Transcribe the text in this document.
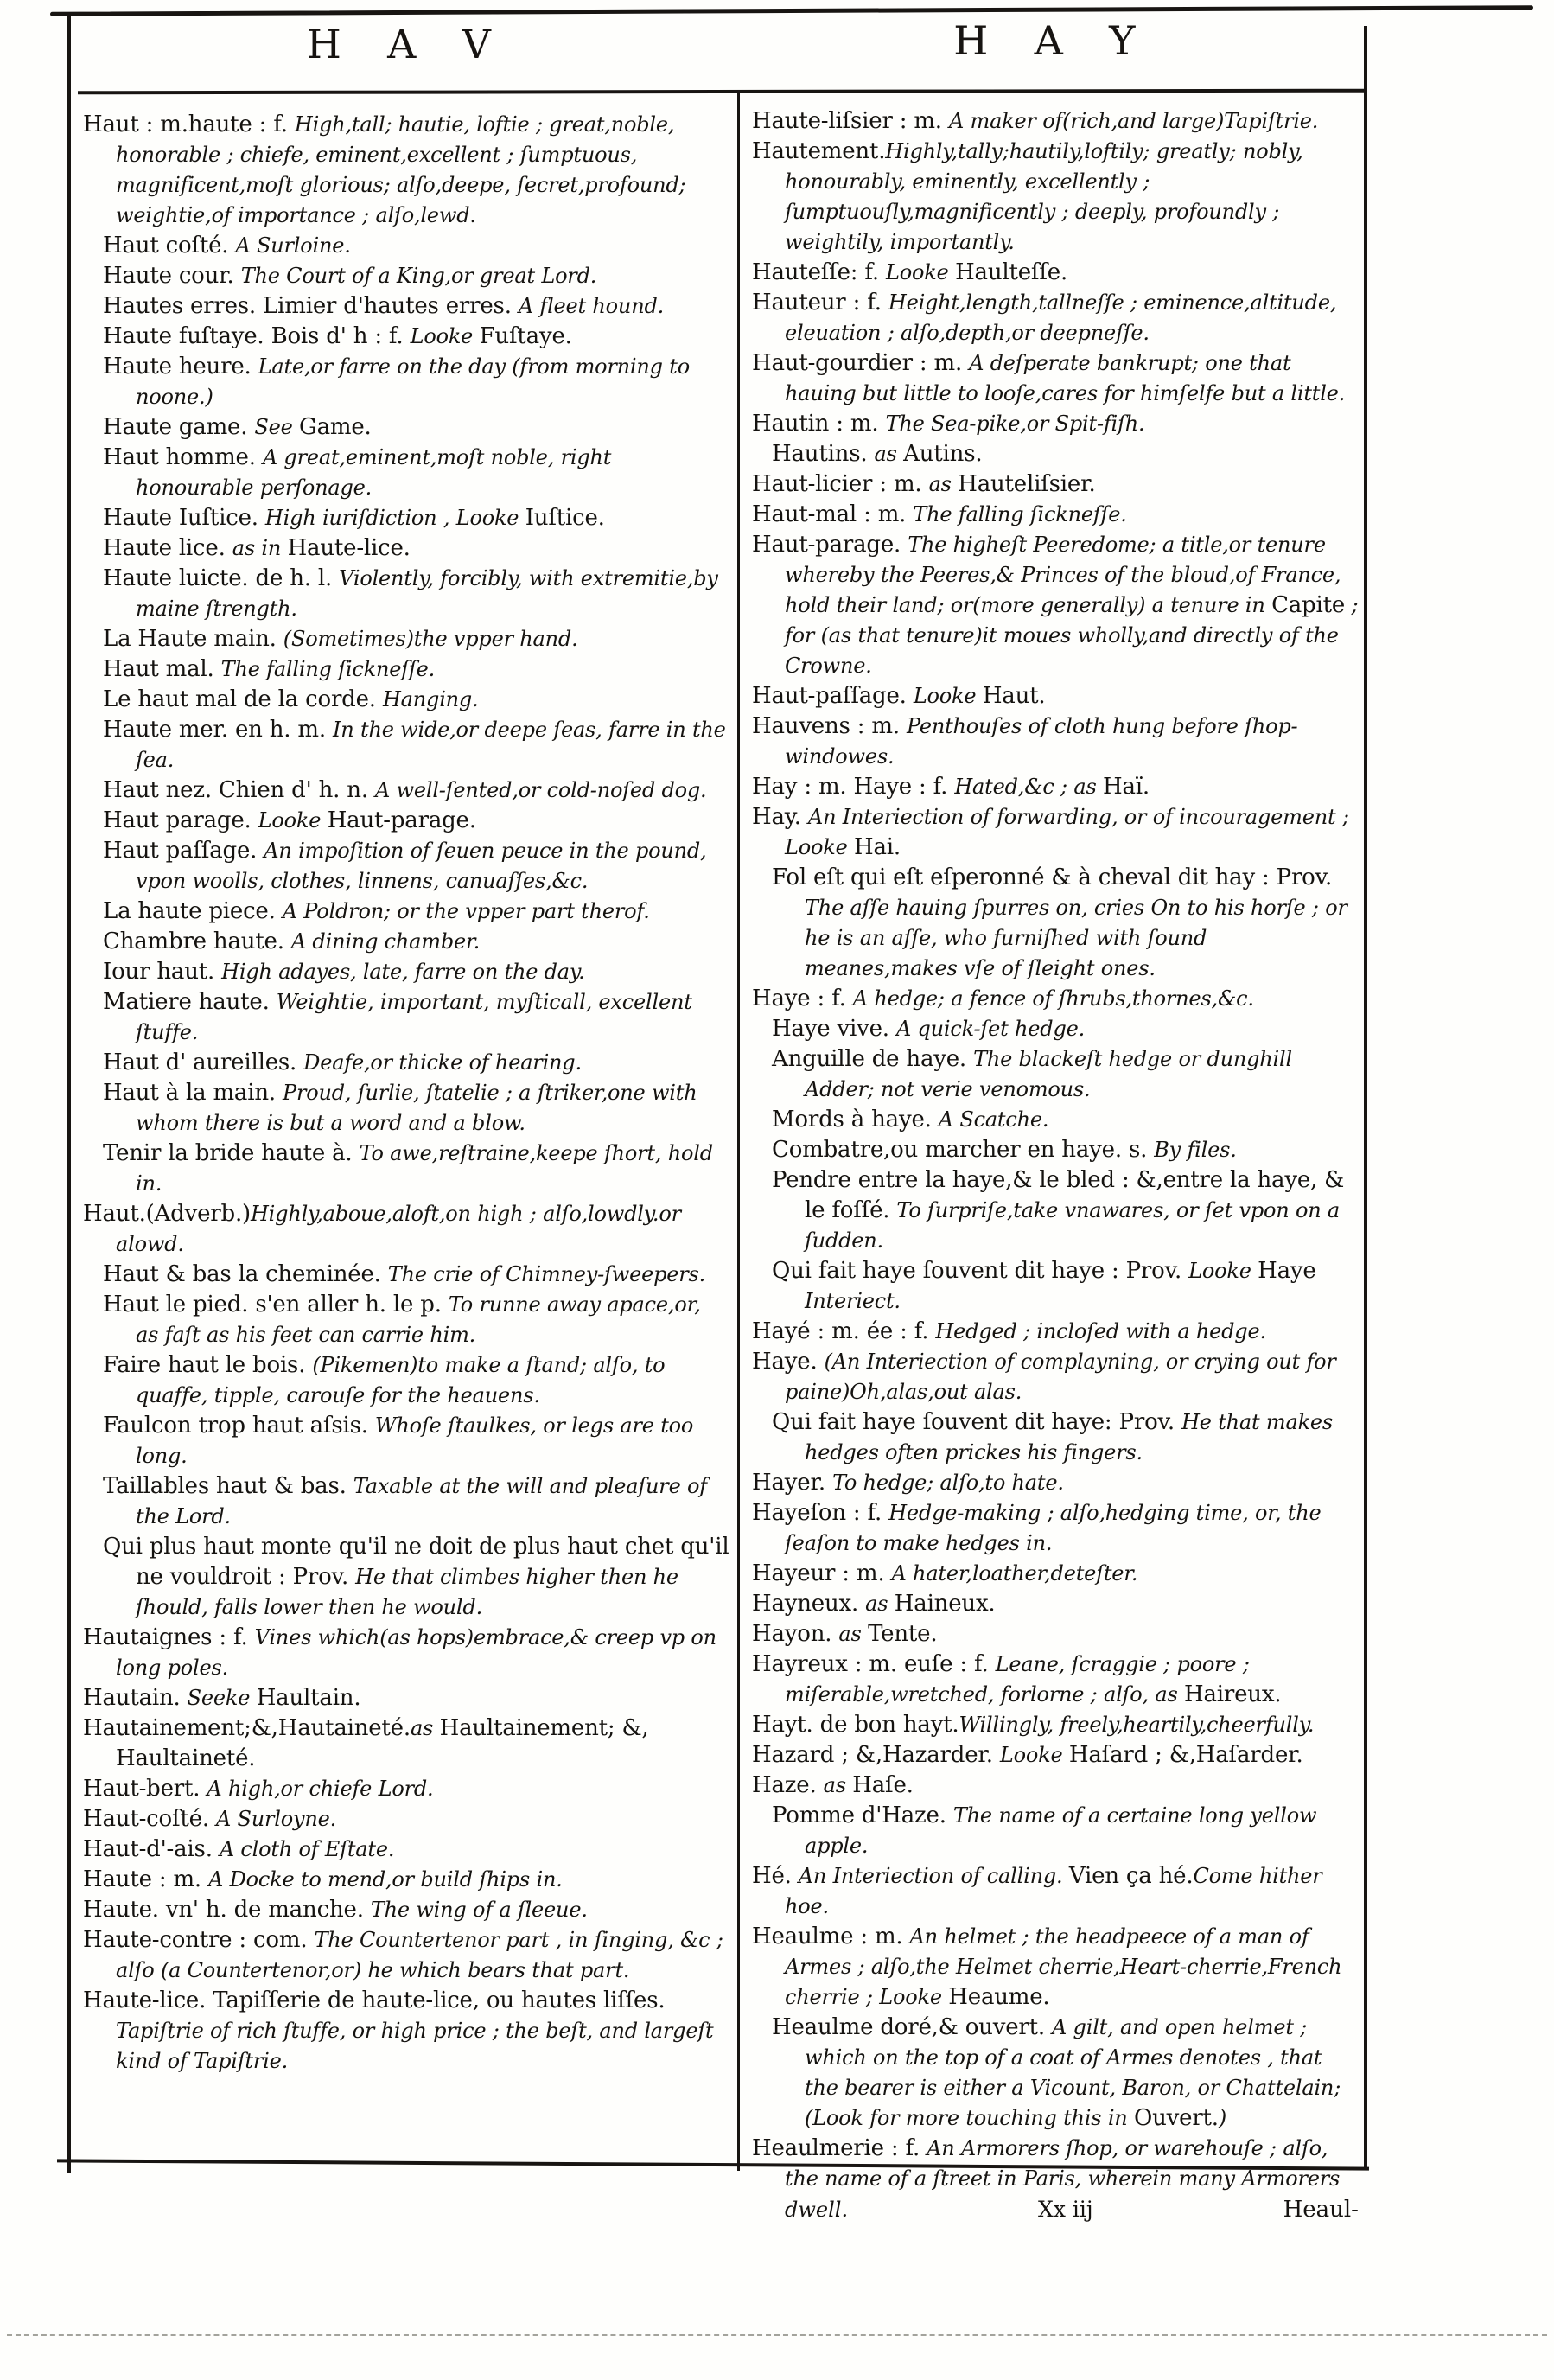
H A V	H A Y

Haut : m.haute : f. High,tall; hautie, loftie ; great,noble, honorable ; chiefe, eminent,excellent ; ſumptuous, magnificent,moſt glorious; alſo,deepe, ſecret,profound; weightie,of importance ; alſo,lewd.

Haut coſté. A Surloine.

Haute cour. The Court of a King,or great Lord.

Hautes erres. Limier d'hautes erres. A fleet hound.

Haute fuſtaye. Bois d' h : f. Looke Fuſtaye.

Haute heure. Late,or farre on the day (from morning to noone.)

Haute game. See Game.

Haut homme. A great,eminent,moſt noble, right honourable perſonage.

Haute Iuſtice. High iuriſdiction , Looke Iuſtice.

Haute lice. as in Haute-lice.

Haute luicte. de h. l. Violently, forcibly, with extremitie,by maine ſtrength.

La Haute main. (Sometimes)the vpper hand.

Haut mal. The falling ſickneſſe.

Le haut mal de la corde. Hanging.

Haute mer. en h. m. In the wide,or deepe ſeas, farre in the ſea.

Haut nez. Chien d' h. n. A well-ſented,or cold-noſed dog.

Haut parage. Looke Haut-parage.

Haut paſſage. An impoſition of ſeuen peuce in the pound, vpon woolls, clothes, linnens, canuaſſes,&c.

La haute piece. A Poldron; or the vpper part therof.

Chambre haute. A dining chamber.

Iour haut. High adayes, late, farre on the day.

Matiere haute. Weightie, important, myſticall, excellent ſtuffe.

Haut d' aureilles. Deafe,or thicke of hearing.

Haut à la main. Proud, ſurlie, ſtatelie ; a ſtriker,one with whom there is but a word and a blow.

Tenir la bride haute à. To awe,reſtraine,keepe ſhort, hold in.

Haut.(Adverb.)Highly,aboue,aloft,on high ; alſo,lowdly.or alowd.

Haut & bas la cheminée. The crie of Chimney-ſweepers.

Haut le pied. s'en aller h. le p. To runne away apace,or, as faſt as his feet can carrie him.

Faire haut le bois. (Pikemen)to make a ſtand; alſo, to quaffe, tipple, carouſe for the heauens.

Faulcon trop haut aſsis. Whoſe ſtaulkes, or legs are too long.

Taillables haut & bas. Taxable at the will and pleaſure of the Lord.

Qui plus haut monte qu'il ne doit de plus haut chet qu'il ne vouldroit : Prov. He that climbes higher then he ſhould, falls lower then he would.

Hautaignes : f. Vines which(as hops)embrace,& creep vp on long poles.

Hautain. Seeke Haultain.

Hautainement;&,Hautaineté.as Haultainement; &, Haultaineté.

Haut-bert. A high,or chiefe Lord.

Haut-coſté. A Surloyne.

Haut-d'-ais. A cloth of Eſtate.

Haute : m. A Docke to mend,or build ſhips in.

Haute. vn' h. de manche. The wing of a ſleeue.

Haute-contre : com. The Countertenor part , in ſinging, &c ; alſo (a Countertenor,or) he which bears that part.

Haute-lice. Tapiſſerie de haute-lice, ou hautes liſſes. Tapiſtrie of rich ſtuffe, or high price ; the beſt, and largeſt kind of Tapiſtrie.

Haute-liſsier : m. A maker of(rich,and large)Tapiſtrie.

Hautement.Highly,tally;hautily,loftily; greatly; nobly, honourably, eminently, excellently ; ſumptuouſly,magnificently ; deeply, profoundly ; weightily, importantly.

Hauteſſe: f. Looke Haulteſſe.

Hauteur : f. Height,length,tallneſſe ; eminence,altitude, eleuation ; alſo,depth,or deepneſſe.

Haut-gourdier : m. A deſperate bankrupt; one that hauing but little to looſe,cares for himſelfe but a little.

Hautin : m. The Sea-pike,or Spit-fiſh.

Hautins. as Autins.

Haut-licier : m. as Hauteliſsier.

Haut-mal : m. The falling ſickneſſe.

Haut-parage. The higheſt Peeredome; a title,or tenure whereby the Peeres,& Princes of the bloud,of France, hold their land; or(more generally) a tenure in Capite ; for (as that tenure)it moues wholly,and directly of the Crowne.

Haut-paſſage. Looke Haut.

Hauvens : m. Penthouſes of cloth hung before ſhop-windowes.

Hay : m. Haye : f. Hated,&c ; as Haï.

Hay. An Interiection of forwarding, or of incouragement ; Looke Hai.

Fol eſt qui eſt eſperonné & à cheval dit hay : Prov. The aſſe hauing ſpurres on, cries On to his horſe ; or he is an aſſe, who furniſhed with ſound meanes,makes vſe of ſleight ones.

Haye : f. A hedge; a fence of ſhrubs,thornes,&c.

Haye vive. A quick-ſet hedge.

Anguille de haye. The blackeſt hedge or dunghill Adder; not verie venomous.

Mords à haye. A Scatche.

Combatre,ou marcher en haye. s. By files.

Pendre entre la haye,& le bled : &,entre la haye, & le foſſé. To ſurpriſe,take vnawares, or ſet vpon on a ſudden.

Qui fait haye ſouvent dit haye : Prov. Looke Haye Interiect.

Hayé : m. ée : f. Hedged ; incloſed with a hedge.

Haye. (An Interiection of complayning, or crying out for paine)Oh,alas,out alas.

Qui fait haye ſouvent dit haye: Prov. He that makes hedges often prickes his fingers.

Hayer. To hedge; alſo,to hate.

Hayeſon : f. Hedge-making ; alſo,hedging time, or, the ſeaſon to make hedges in.

Hayeur : m. A hater,loather,deteſter.

Hayneux. as Haineux.

Hayon. as Tente.

Hayreux : m. euſe : f. Leane, ſcraggie ; poore ; miſerable,wretched, forlorne ; alſo, as Haireux.

Hayt. de bon hayt.Willingly, freely,heartily,cheerfully.

Hazard ; &,Hazarder. Looke Haſard ; &,Haſarder.

Haze. as Haſe.

Pomme d'Haze. The name of a certaine long yellow apple.

Hé. An Interiection of calling. Vien ça hé.Come hither hoe.

Heaulme : m. An helmet ; the headpeece of a man of Armes ; alſo,the Helmet cherrie,Heart-cherrie,French cherrie ; Looke Heaume.

Heaulme doré,& ouvert. A gilt, and open helmet ; which on the top of a coat of Armes denotes , that the bearer is either a Vicount, Baron, or Chattelain; (Look for more touching this in Ouvert.)

Heaulmerie : f. An Armorers ſhop, or warehouſe ; alſo, the name of a ſtreet in Paris, wherein many Armorers

dwell.	Xx iij	Heaul-
